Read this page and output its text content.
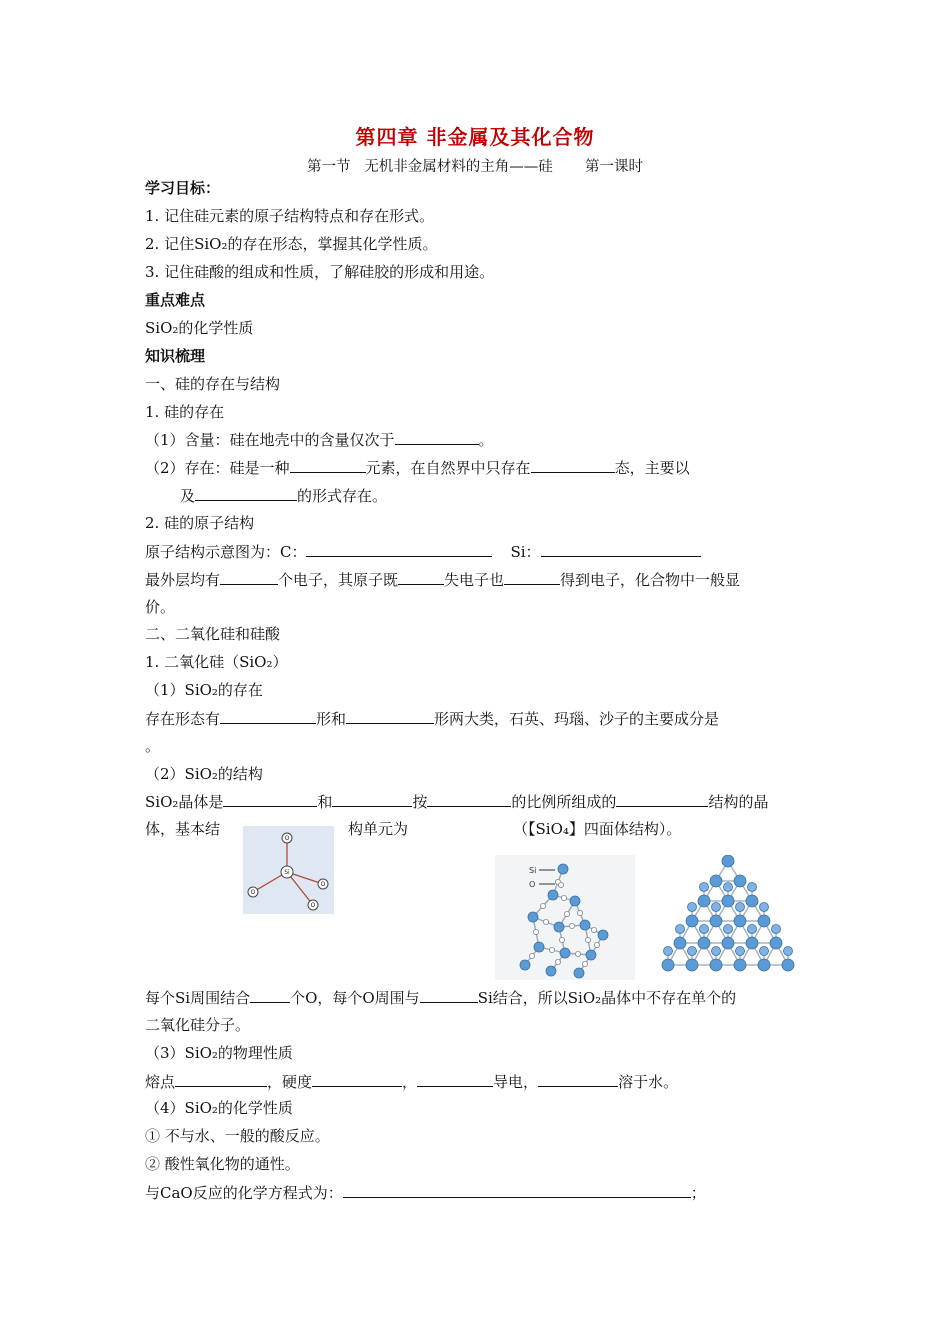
第四章 非金属及其化合物
第一节   无机非金属材料的主角——硅       第一课时
学习目标：
1. 记住硅元素的原子结构特点和存在形式。
2. 记住SiO₂的存在形态，掌握其化学性质。
3. 记住硅酸的组成和性质，了解硅胶的形成和用途。
重点难点
SiO₂的化学性质
知识梳理
一、硅的存在与结构
1. 硅的存在
（1）含量：硅在地壳中的含量仅次于	。
（2）存在：硅是一种	元素，在自然界中只存在	态，主要以
及	的形式存在。
2. 硅的原子结构
原子结构示意图为：C：	Si：
最外层均有	个电子，其原子既	失电子也	得到电子，化合物中一般显
价。
二、二氧化硅和硅酸
1. 二氧化硅（SiO₂）
（1）SiO₂的存在
存在形态有	形和	形两大类，石英、玛瑙、沙子的主要成分是
。
（2）SiO₂的结构
SiO₂晶体是	和	按	的比例所组成的	结构的晶
体，基本结	构单元为	（【SiO₄】四面体结构）。
O
O
O
O
Si	Si
O
每个Si周围结合	个O，每个O周围与	Si结合，所以SiO₂晶体中不存在单个的
二氧化硅分子。
（3）SiO₂的物理性质
熔点	，硬度	，	导电，	溶于水。
（4）SiO₂的化学性质
① 不与水、一般的酸反应。
② 酸性氧化物的通性。
与CaO反应的化学方程式为：	；
